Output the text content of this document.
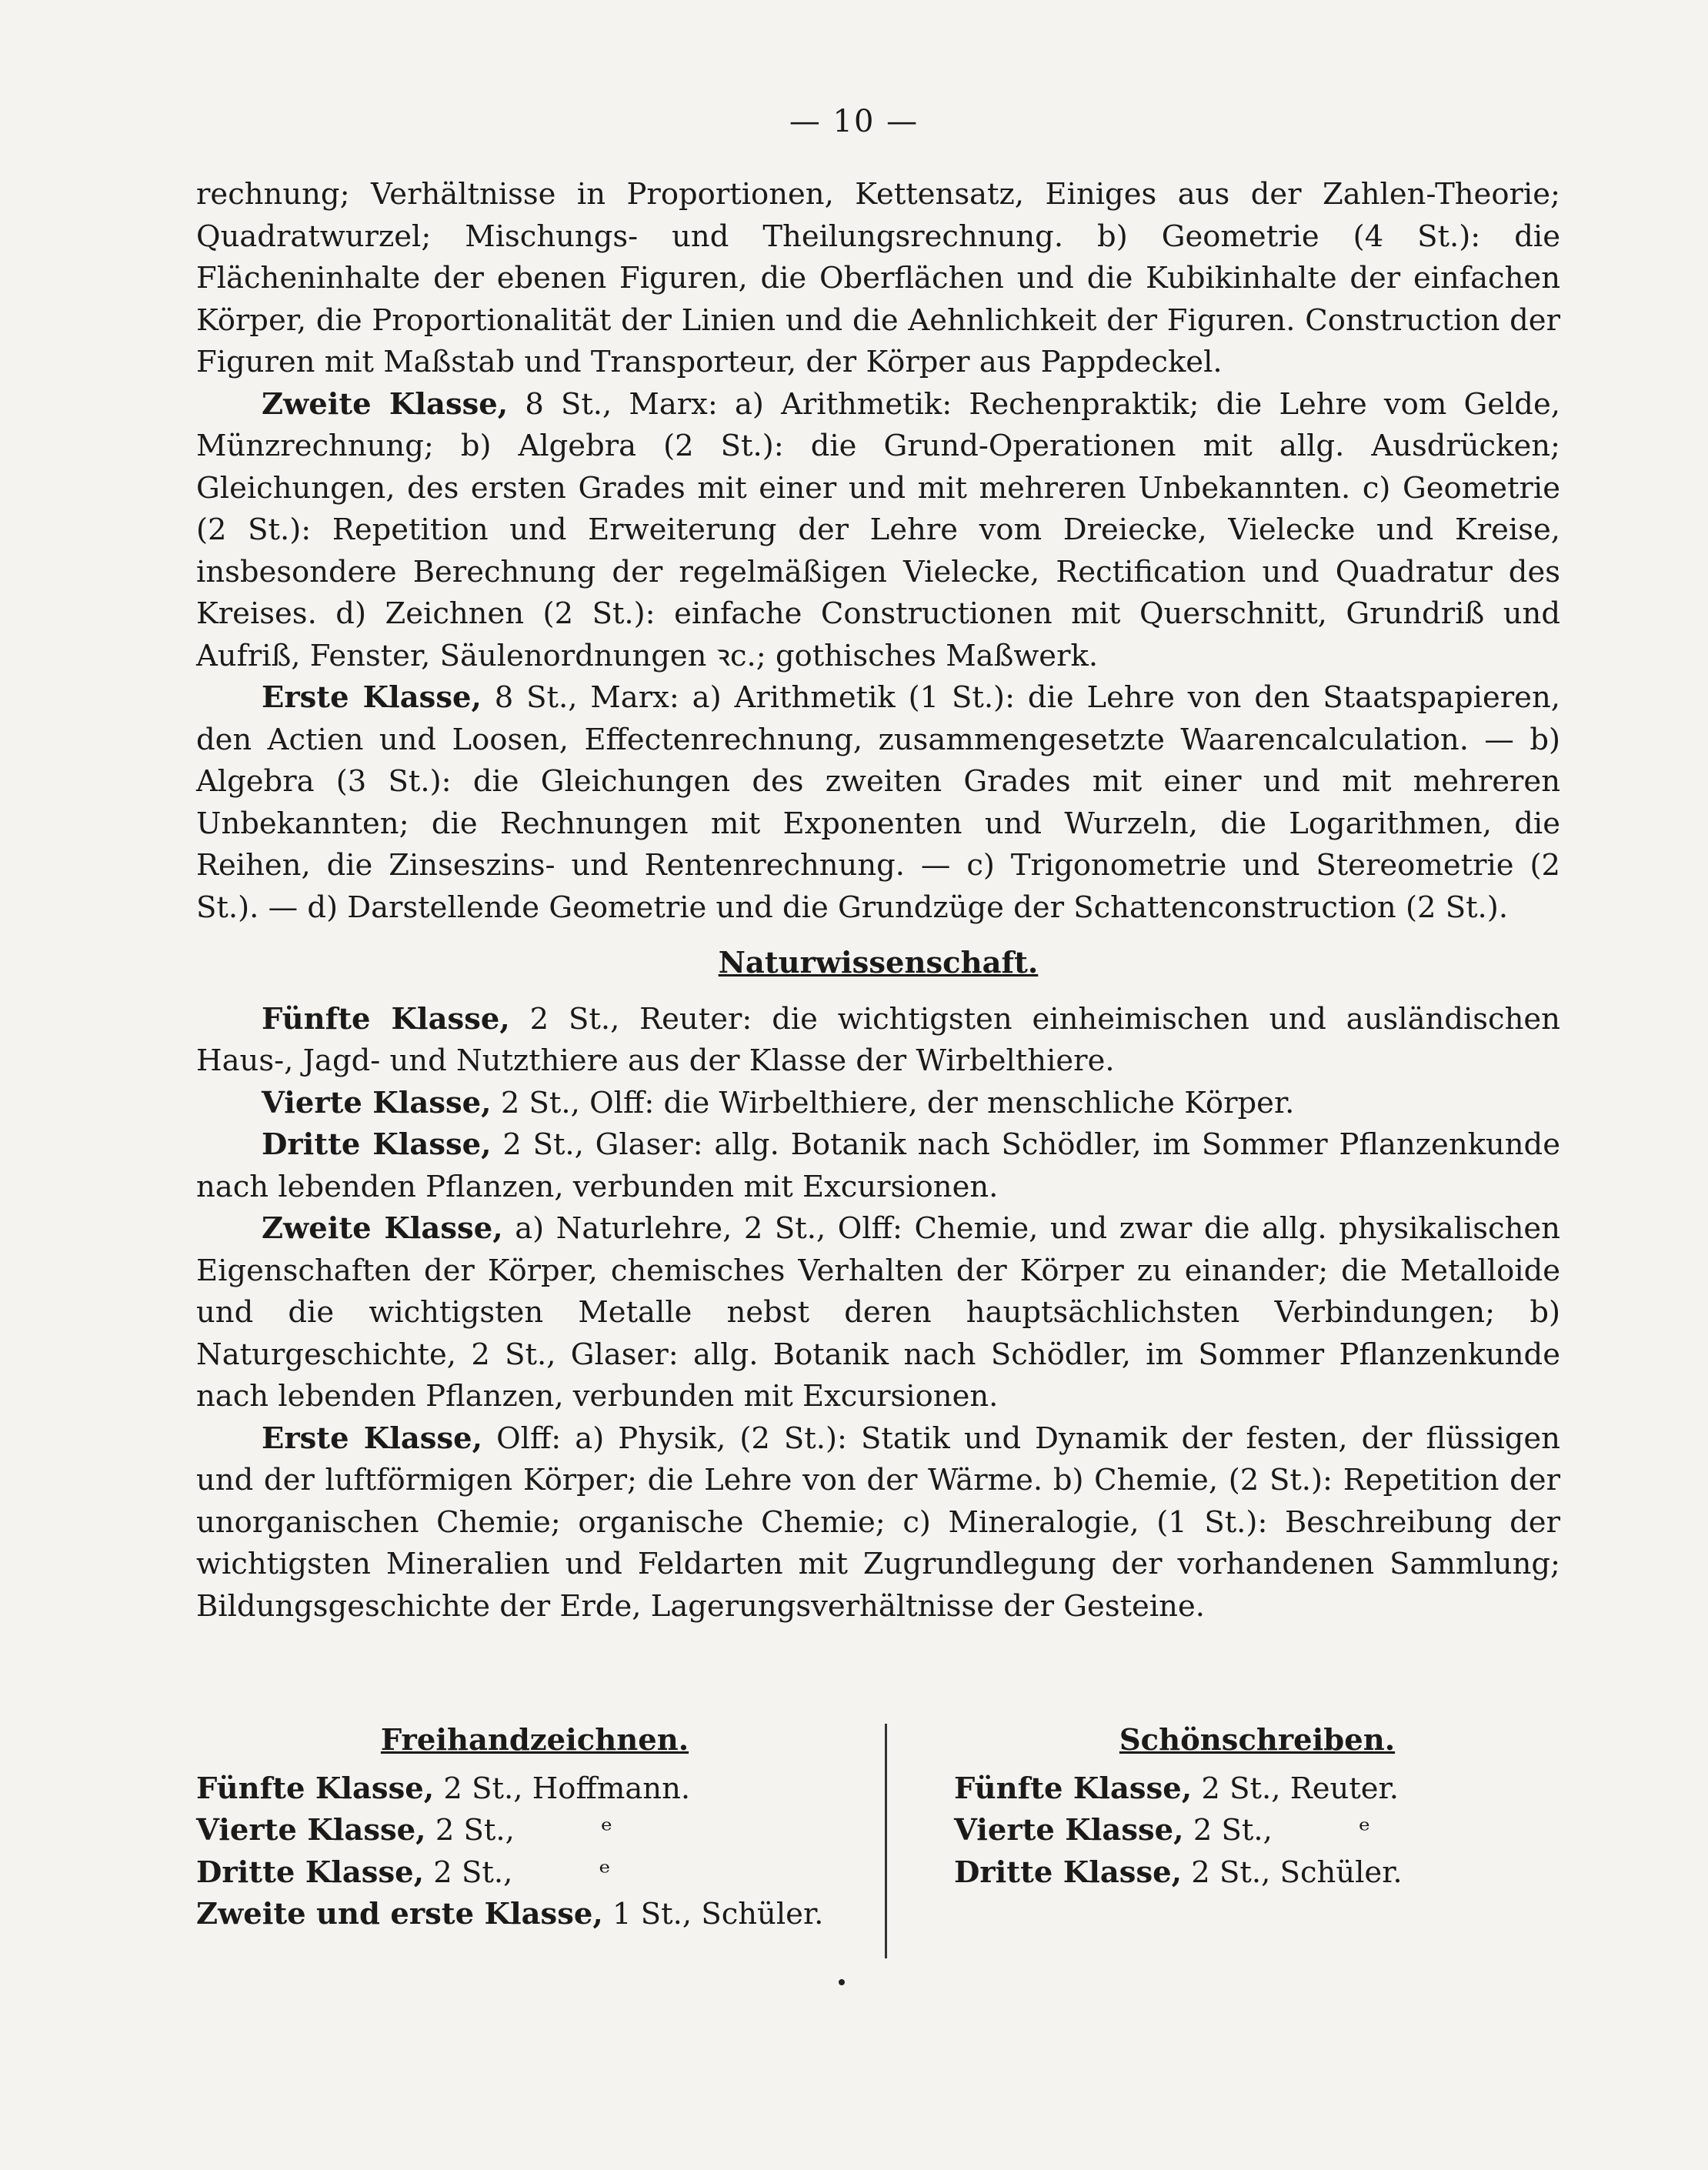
— 10 —

rechnung; Verhältnisse in Proportionen, Kettensatz, Einiges aus der Zahlen-Theorie; Quadratwurzel; Mischungs- und Theilungsrechnung. b) Geometrie (4 St.): die Flächeninhalte der ebenen Figuren, die Oberflächen und die Kubikinhalte der einfachen Körper, die Proportionalität der Linien und die Aehnlichkeit der Figuren. Construction der Figuren mit Maßstab und Transporteur, der Körper aus Pappdeckel.

Zweite Klasse, 8 St., Marx: a) Arithmetik: Rechenpraktik; die Lehre vom Gelde, Münzrechnung; b) Algebra (2 St.): die Grund-Operationen mit allg. Ausdrücken; Gleichungen, des ersten Grades mit einer und mit mehreren Unbekannten. c) Geometrie (2 St.): Repetition und Erweiterung der Lehre vom Dreiecke, Vielecke und Kreise, insbesondere Berechnung der regelmäßigen Vielecke, Rectification und Quadratur des Kreises. d) Zeichnen (2 St.): einfache Constructionen mit Querschnitt, Grundriß und Aufriß, Fenster, Säulenordnungen ꝛc.; gothisches Maßwerk.

Erste Klasse, 8 St., Marx: a) Arithmetik (1 St.): die Lehre von den Staatspapieren, den Actien und Loosen, Effectenrechnung, zusammengesetzte Waarencalculation. — b) Algebra (3 St.): die Gleichungen des zweiten Grades mit einer und mit mehreren Unbekannten; die Rechnungen mit Exponenten und Wurzeln, die Logarithmen, die Reihen, die Zinseszins- und Rentenrechnung. — c) Trigonometrie und Stereometrie (2 St.). — d) Darstellende Geometrie und die Grundzüge der Schattenconstruction (2 St.).

Naturwissenschaft.

Fünfte Klasse, 2 St., Reuter: die wichtigsten einheimischen und ausländischen Haus-, Jagd- und Nutzthiere aus der Klasse der Wirbelthiere.

Vierte Klasse, 2 St., Olff: die Wirbelthiere, der menschliche Körper.

Dritte Klasse, 2 St., Glaser: allg. Botanik nach Schödler, im Sommer Pflanzenkunde nach lebenden Pflanzen, verbunden mit Excursionen.

Zweite Klasse, a) Naturlehre, 2 St., Olff: Chemie, und zwar die allg. physikalischen Eigenschaften der Körper, chemisches Verhalten der Körper zu einander; die Metalloide und die wichtigsten Metalle nebst deren hauptsächlichsten Verbindungen; b) Naturgeschichte, 2 St., Glaser: allg. Botanik nach Schödler, im Sommer Pflanzenkunde nach lebenden Pflanzen, verbunden mit Excursionen.

Erste Klasse, Olff: a) Physik, (2 St.): Statik und Dynamik der festen, der flüssigen und der luftförmigen Körper; die Lehre von der Wärme. b) Chemie, (2 St.): Repetition der unorganischen Chemie; organische Chemie; c) Mineralogie, (1 St.): Beschreibung der wichtigsten Mineralien und Feldarten mit Zugrundlegung der vorhandenen Sammlung; Bildungsgeschichte der Erde, Lagerungsverhältnisse der Gesteine.

Freihandzeichnen.
Fünfte Klasse, 2 St., Hoffmann.
Vierte Klasse, 2 St.,	ᵉ
Dritte Klasse, 2 St.,	ᵉ
Zweite und erste Klasse, 1 St., Schüler.
Schönschreiben.
Fünfte Klasse, 2 St., Reuter.
Vierte Klasse, 2 St.,	ᵉ
Dritte Klasse, 2 St., Schüler.
